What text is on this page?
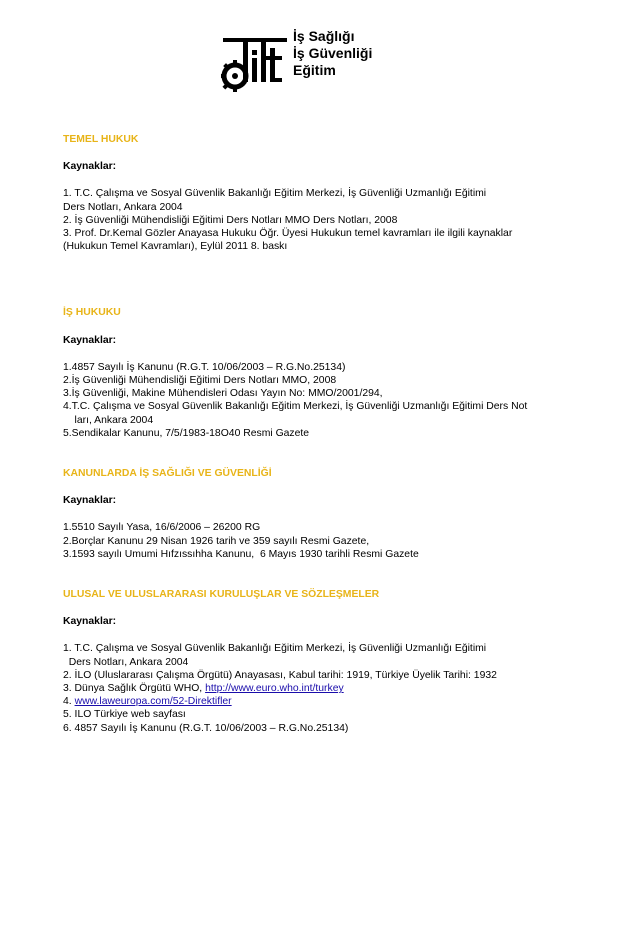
İş Sağlığı
İş Güvenliği
Eğitim

TEMEL HUKUK

Kaynaklar:

1. T.C. Çalışma ve Sosyal Güvenlik Bakanlığı Eğitim Merkezi, İş Güvenliği Uzmanlığı Eğitimi

Ders Notları, Ankara 2004

2. İş Güvenliği Mühendisliği Eğitimi Ders Notları MMO Ders Notları, 2008

3. Prof. Dr.Kemal Gözler Anayasa Hukuku Öğr. Üyesi Hukukun temel kavramları ile ilgili kaynaklar

(Hukukun Temel Kavramları), Eylül 2011 8. baskı

İŞ HUKUKU

Kaynaklar:

1.4857 Sayılı İş Kanunu (R.G.T. 10/06/2003 – R.G.No.25134)

2.İş Güvenliği Mühendisliği Eğitimi Ders Notları MMO, 2008

3.İş Güvenliği, Makine Mühendisleri Odası Yayın No: MMO/2001/294,

4.T.C. Çalışma ve Sosyal Güvenlik Bakanlığı Eğitim Merkezi, İş Güvenliği Uzmanlığı Eğitimi Ders Not

ları, Ankara 2004

5.Sendikalar Kanunu, 7/5/1983-18O40 Resmi Gazete

KANUNLARDA İŞ SAĞLIĞI VE GÜVENLİĞİ

Kaynaklar:

1.5510 Sayılı Yasa, 16/6/2006 – 26200 RG

2.Borçlar Kanunu 29 Nisan 1926 tarih ve 359 sayılı Resmi Gazete,

3.1593 sayılı Umumi Hıfzıssıhha Kanunu,  6 Mayıs 1930 tarihli Resmi Gazete

ULUSAL VE ULUSLARARASI KURULUŞLAR VE SÖZLEŞMELER

Kaynaklar:

1. T.C. Çalışma ve Sosyal Güvenlik Bakanlığı Eğitim Merkezi, İş Güvenliği Uzmanlığı Eğitimi

Ders Notları, Ankara 2004

2. İLO (Uluslararası Çalışma Örgütü) Anayasası, Kabul tarihi: 1919, Türkiye Üyelik Tarihi: 1932

3. Dünya Sağlık Örgütü WHO, http://www.euro.who.int/turkey

4. www.laweuropa.com/52-Direktifler

5. ILO Türkiye web sayfası

6. 4857 Sayılı İş Kanunu (R.G.T. 10/06/2003 – R.G.No.25134)
